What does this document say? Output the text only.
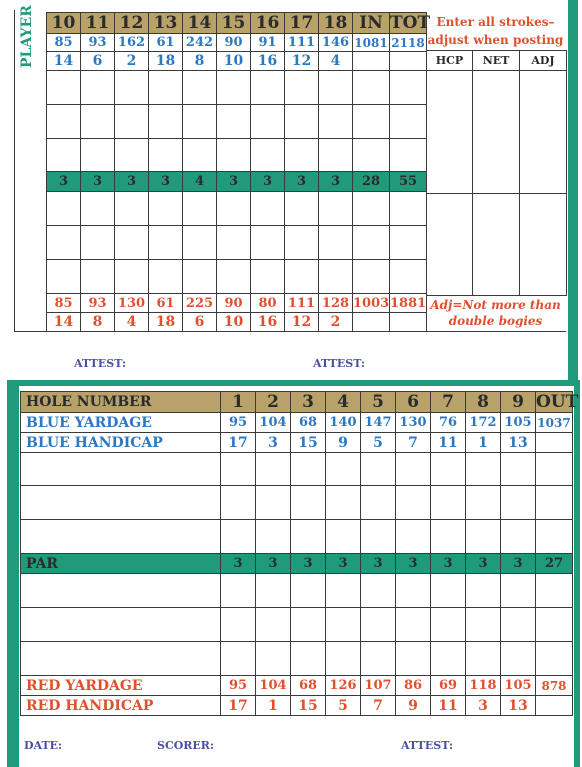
PLAYER 10	11	12	13	14	15	16	17	18	IN	TOT
85	93	162	61	242	90	91	111	146	1081	2118
14	6	2	18	8	10	16	12	4		

3	3	3	3	4	3	3	3	3	28	55

85	93	130	61	225	90	80	111	128	1003	1881
14	8	4	18	6	10	16	12	2		
Enter all strokes–
adjust when posting
HCP	NET	ADJ

Adj=Not more than
double bogies
ATTEST:	ATTEST:
HOLE NUMBER	1	2	3	4	5	6	7	8	9	OUT
BLUE YARDAGE	95	104	68	140	147	130	76	172	105	1037
BLUE HANDICAP	17	3	15	9	5	7	11	1	13	

PAR	3	3	3	3	3	3	3	3	3	27

RED YARDAGE	95	104	68	126	107	86	69	118	105	878
RED HANDICAP	17	1	15	5	7	9	11	3	13	
DATE:	SCORER:	ATTEST:
